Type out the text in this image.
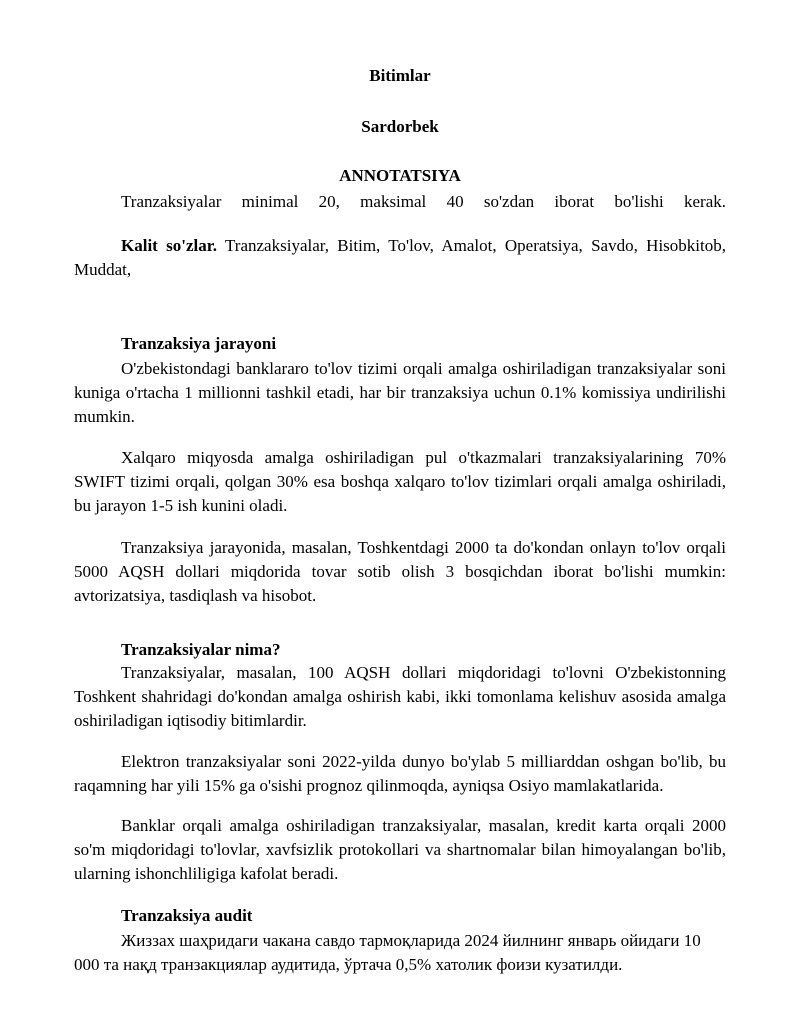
Bitimlar
Sardorbek
ANNOTATSIYA
Tranzaksiyalar minimal 20, maksimal 40 so'zdan iborat bo'lishi kerak.
Kalit so'zlar. Tranzaksiyalar, Bitim, To'lov, Amalot, Operatsiya, Savdo, Hisobkitob, Muddat,
Tranzaksiya jarayoni
O'zbekistondagi banklararo to'lov tizimi orqali amalga oshiriladigan tranzaksiyalar soni kuniga o'rtacha 1 millionni tashkil etadi, har bir tranzaksiya uchun 0.1% komissiya undirilishi mumkin.
Xalqaro miqyosda amalga oshiriladigan pul o'tkazmalari tranzaksiyalarining 70% SWIFT tizimi orqali, qolgan 30% esa boshqa xalqaro to'lov tizimlari orqali amalga oshiriladi, bu jarayon 1-5 ish kunini oladi.
Tranzaksiya jarayonida, masalan, Toshkentdagi 2000 ta do'kondan onlayn to'lov orqali 5000 AQSH dollari miqdorida tovar sotib olish 3 bosqichdan iborat bo'lishi mumkin: avtorizatsiya, tasdiqlash va hisobot.
Tranzaksiyalar nima?
Tranzaksiyalar, masalan, 100 AQSH dollari miqdoridagi to'lovni O'zbekistonning Toshkent shahridagi do'kondan amalga oshirish kabi, ikki tomonlama kelishuv asosida amalga oshiriladigan iqtisodiy bitimlardir.
Elektron tranzaksiyalar soni 2022-yilda dunyo bo'ylab 5 milliarddan oshgan bo'lib, bu raqamning har yili 15% ga o'sishi prognoz qilinmoqda, ayniqsa Osiyo mamlakatlarida.
Banklar orqali amalga oshiriladigan tranzaksiyalar, masalan, kredit karta orqali 2000 so'm miqdoridagi to'lovlar, xavfsizlik protokollari va shartnomalar bilan himoyalangan bo'lib, ularning ishonchliligiga kafolat beradi.
Tranzaksiya audit
Жиззах шаҳридаги чакана савдо тармоқларида 2024 йилнинг январь ойидаги 10 000 та нақд транзакциялар аудитида, ўртача 0,5% хатолик фоизи кузатилди.
